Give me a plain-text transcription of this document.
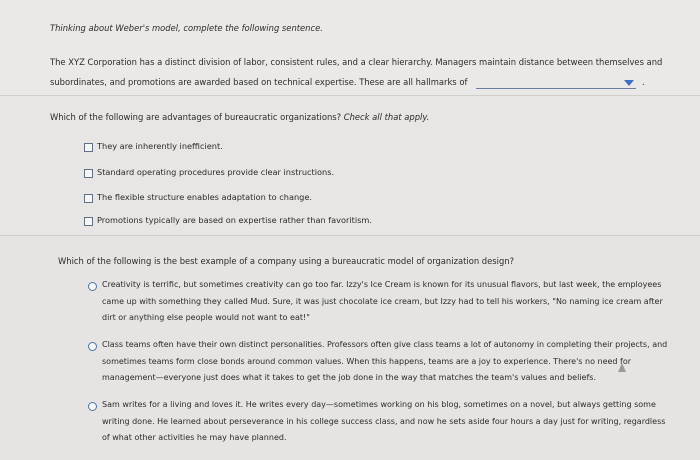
Thinking about Weber's model, complete the following sentence.
The XYZ Corporation has a distinct division of labor, consistent rules, and a clear hierarchy. Managers maintain distance between themselves and
subordinates, and promotions are awarded based on technical expertise. These are all hallmarks of	.
Which of the following are advantages of bureaucratic organizations? Check all that apply.
They are inherently inefficient.
Standard operating procedures provide clear instructions.
The flexible structure enables adaptation to change.
Promotions typically are based on expertise rather than favoritism.
Which of the following is the best example of a company using a bureaucratic model of organization design?
Creativity is terrific, but sometimes creativity can go too far. Izzy's Ice Cream is known for its unusual flavors, but last week, the employees
came up with something they called Mud. Sure, it was just chocolate ice cream, but Izzy had to tell his workers, "No naming ice cream after
dirt or anything else people would not want to eat!"
Class teams often have their own distinct personalities. Professors often give class teams a lot of autonomy in completing their projects, and
sometimes teams form close bonds around common values. When this happens, teams are a joy to experience. There's no need for
management—everyone just does what it takes to get the job done in the way that matches the team's values and beliefs.
Sam writes for a living and loves it. He writes every day—sometimes working on his blog, sometimes on a novel, but always getting some
writing done. He learned about perseverance in his college success class, and now he sets aside four hours a day just for writing, regardless
of what other activities he may have planned.
